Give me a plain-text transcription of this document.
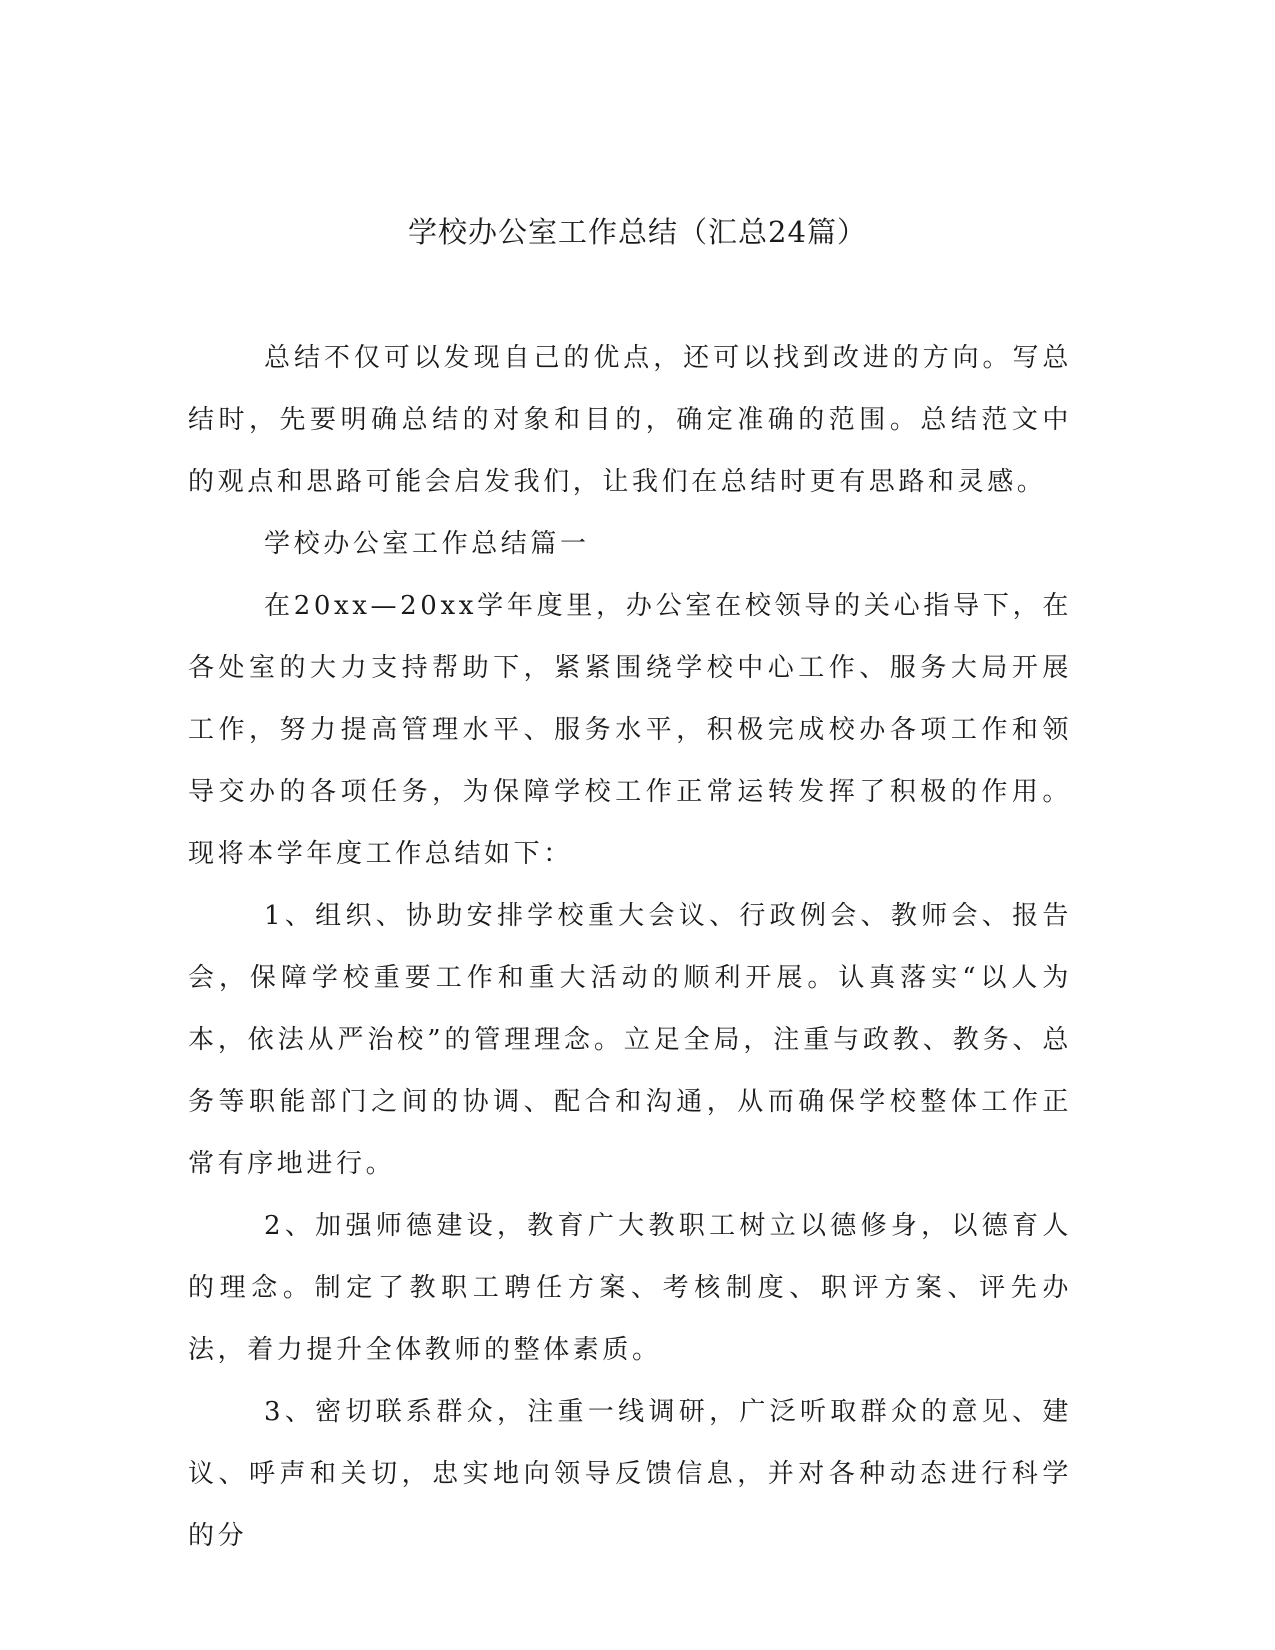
学校办公室工作总结（汇总24篇）

总结不仅可以发现自己的优点，还可以找到改进的方向。写总结时，先要明确总结的对象和目的，确定准确的范围。总结范文中的观点和思路可能会启发我们，让我们在总结时更有思路和灵感。

学校办公室工作总结篇一

在20xx—20xx学年度里，办公室在校领导的关心指导下，在各处室的大力支持帮助下，紧紧围绕学校中心工作、服务大局开展工作，努力提高管理水平、服务水平，积极完成校办各项工作和领导交办的各项任务，为保障学校工作正常运转发挥了积极的作用。现将本学年度工作总结如下：

1、组织、协助安排学校重大会议、行政例会、教师会、报告会，保障学校重要工作和重大活动的顺利开展。认真落实“以人为本，依法从严治校”的管理理念。立足全局，注重与政教、教务、总务等职能部门之间的协调、配合和沟通，从而确保学校整体工作正常有序地进行。

2、加强师德建设，教育广大教职工树立以德修身，以德育人的理念。制定了教职工聘任方案、考核制度、职评方案、评先办法，着力提升全体教师的整体素质。

3、密切联系群众，注重一线调研，广泛听取群众的意见、建议、呼声和关切，忠实地向领导反馈信息，并对各种动态进行科学的分
